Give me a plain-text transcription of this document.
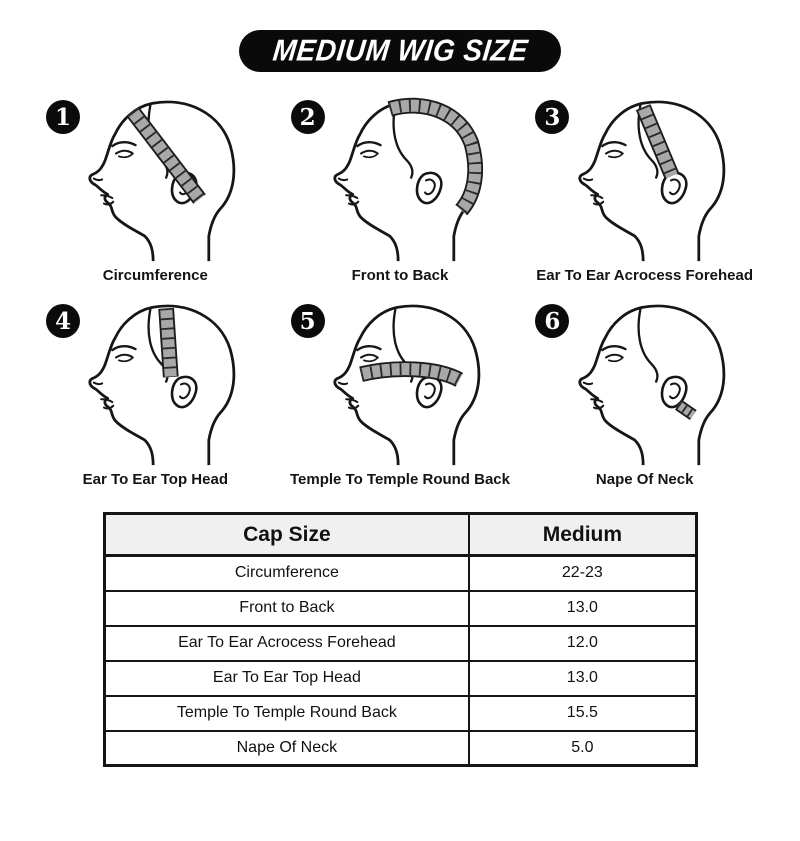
MEDIUM WIG SIZE
1
Circumference
2
Front to Back
3
Ear To Ear Acrocess Forehead
4
Ear To Ear Top Head
5
Temple To Temple Round Back
6
Nape Of Neck
Cap Size	Medium
Circumference	22-23
Front to Back	13.0
Ear To Ear Acrocess Forehead	12.0
Ear To Ear Top Head	13.0
Temple To Temple Round Back	15.5
Nape Of Neck	5.0
